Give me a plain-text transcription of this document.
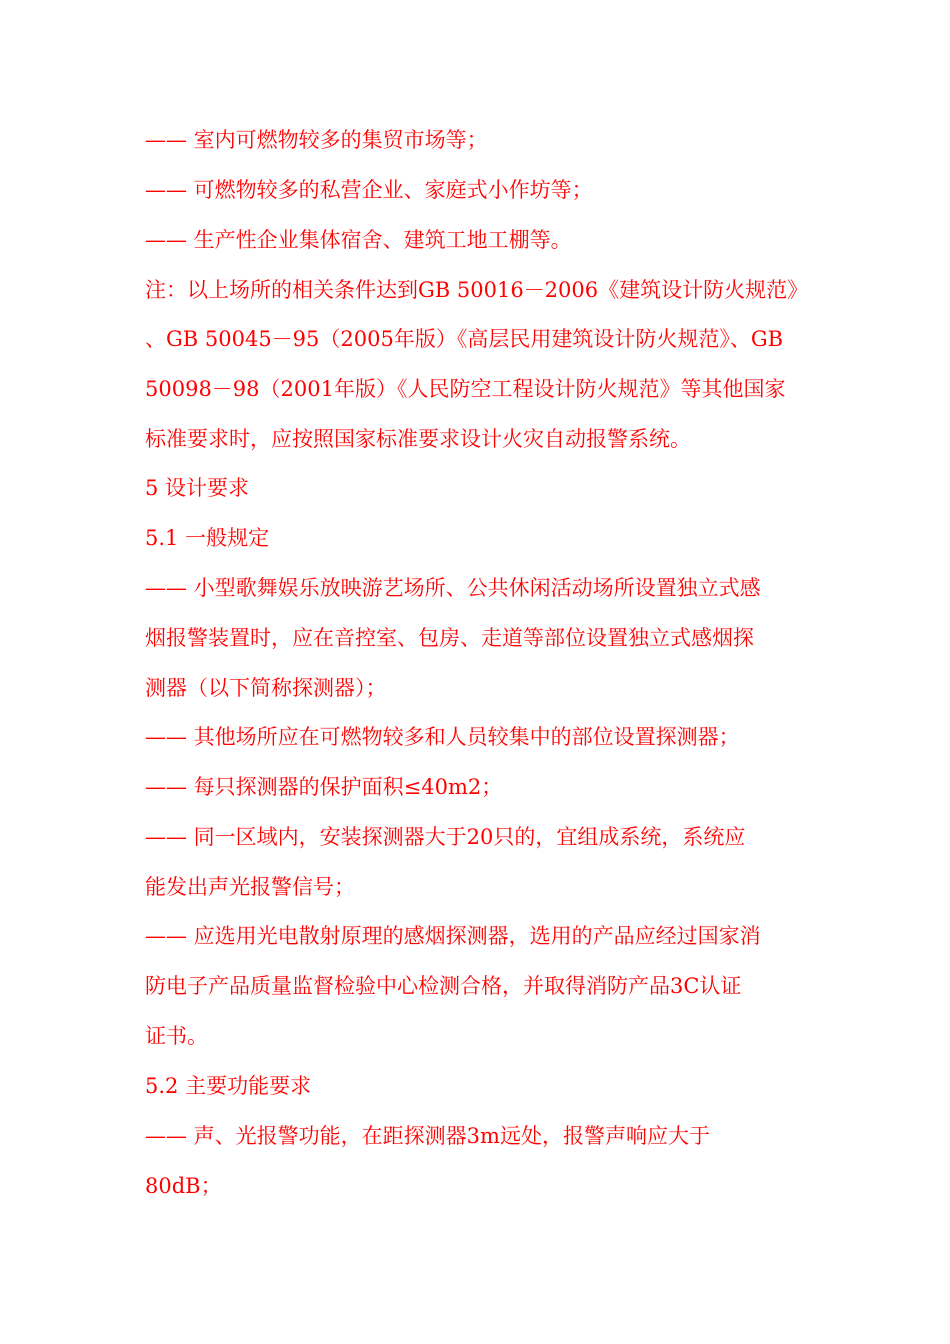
—— 室内可燃物较多的集贸市场等；
—— 可燃物较多的私营企业、家庭式小作坊等；
—— 生产性企业集体宿舍、建筑工地工棚等。
注：以上场所的相关条件达到GB 50016－2006《建筑设计防火规范》
、GB 50045－95（2005年版）《高层民用建筑设计防火规范》、GB
50098－98（2001年版）《人民防空工程设计防火规范》等其他国家
标准要求时，应按照国家标准要求设计火灾自动报警系统。
5 设计要求
5.1 一般规定
—— 小型歌舞娱乐放映游艺场所、公共休闲活动场所设置独立式感
烟报警装置时，应在音控室、包房、走道等部位设置独立式感烟探
测器（以下简称探测器）；
—— 其他场所应在可燃物较多和人员较集中的部位设置探测器；
—— 每只探测器的保护面积≤40m2；
—— 同一区域内，安装探测器大于20只的，宜组成系统，系统应
能发出声光报警信号；
—— 应选用光电散射原理的感烟探测器，选用的产品应经过国家消
防电子产品质量监督检验中心检测合格，并取得消防产品3C认证
证书。
5.2 主要功能要求
—— 声、光报警功能，在距探测器3m远处，报警声响应大于
80dB；
